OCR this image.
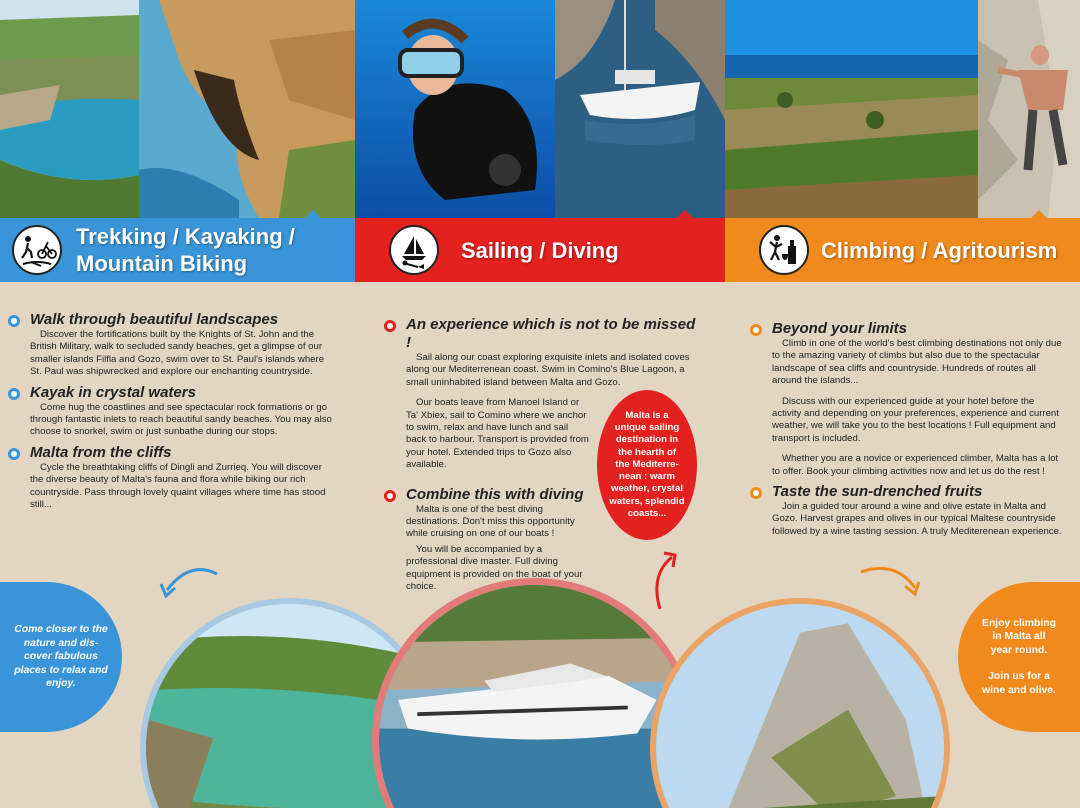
Trekking / Kayaking /
Mountain Biking
Sailing / Diving	Climbing / Agritourism
Walk through beautiful landscapes

Discover the fortifications built by the Knights of St. John and the British Military, walk to secluded sandy beaches, get a glimpse of our smaller islands Filfla and Gozo, swim over to St. Paul's islands where St. Paul was shipwrecked and explore our enchanting countryside.

Kayak in crystal waters

Come hug the coastlines and see spectacular rock formations or go through fantastic inlets to reach beautiful sandy beaches. You may also choose to snorkel, swim or just sunbathe during our stops.

Malta from the cliffs

Cycle the breathtaking cliffs of Dingli and Zurrieq. You will discover the diverse beauty of Malta's fauna and flora while biking our rich countryside. Pass through lovely quaint villages where time has stood still...

An experience which is not to be missed !

Sail along our coast exploring exquisite inlets and isolated coves along our Mediterrenean coast. Swim in Comino's Blue Lagoon, a small uninhabited island between Malta and Gozo.

Our boats leave from Manoel Island or Ta' Xbiex, sail to Comino where we anchor to swim, relax and have lunch and sail back to harbour. Transport is provided from your hotel. Extended trips to Gozo also available.

Combine this with diving

Malta is one of the best diving destinations. Don't miss this opportunity while cruising on one of our boats !

You will be accompanied by a professional dive master. Full diving equipment is provided on the boat of your choice.

Malta is a
unique sailing
destination in
the hearth of
the Mediterre-
nean : warm
weather, crystal
waters, splendid
coasts...
Beyond your limits

Climb in one of the world's best climbing destinations not only due to the amazing variety of climbs but also due to the spectacular landscape of sea cliffs and countryside. Hundreds of routes all around the islands...

Discuss with our experienced guide at your hotel before the activity and depending on your preferences, experience and current weather, we will take you to the best locations ! Full equipment and transport is included.

Whether you are a novice or experienced climber, Malta has a lot to offer. Book your climbing activities now and let us do the rest !

Taste the sun-drenched fruits

Join a guided tour around a wine and olive estate in Malta and Gozo. Harvest grapes and olives in our typical Maltese countryside followed by a wine tasting session. A truly Mediterenean experience.

Come closer to the
nature and dis-
cover fabulous
places to relax and
enjoy.
Enjoy climbing
in Malta all
year round.

Join us for a
wine and olive.
